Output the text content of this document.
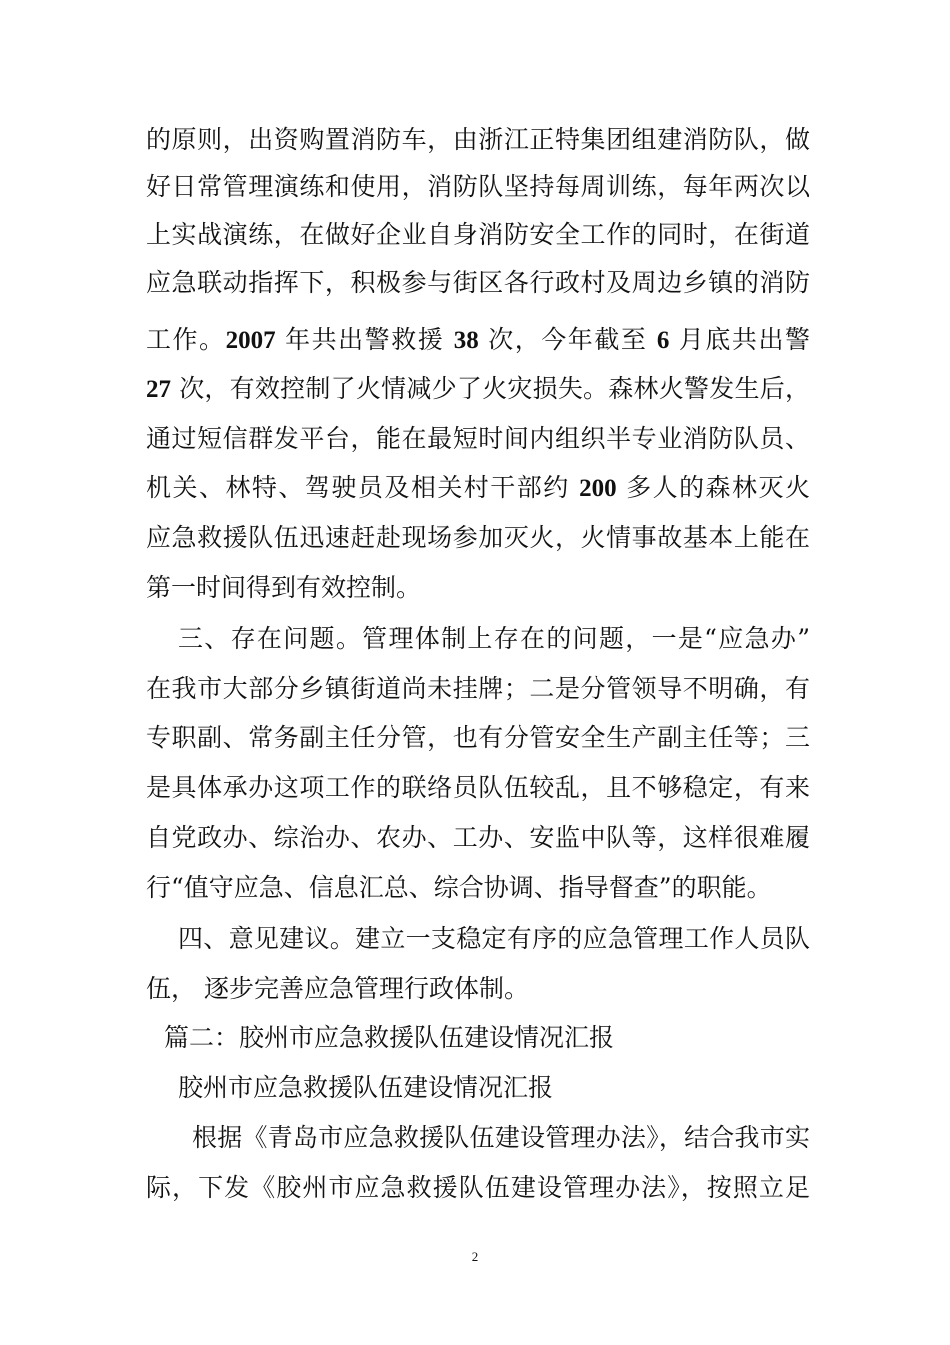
的原则，出资购置消防车，由浙江正特集团组建消防队，做
好日常管理演练和使用，消防队坚持每周训练，每年两次以
上实战演练，在做好企业自身消防安全工作的同时，在街道
应急联动指挥下，积极参与街区各行政村及周边乡镇的消防
工作。2007 年共出警救援 38 次，今年截至 6 月底共出警
27 次，有效控制了火情减少了火灾损失。森林火警发生后，
通过短信群发平台，能在最短时间内组织半专业消防队员、
机关、林特、驾驶员及相关村干部约 200 多人的森林灭火
应急救援队伍迅速赶赴现场参加灭火，火情事故基本上能在
第一时间得到有效控制。
三、存在问题。管理体制上存在的问题，一是“应急办”
在我市大部分乡镇街道尚未挂牌；二是分管领导不明确，有
专职副、常务副主任分管，也有分管安全生产副主任等；三
是具体承办这项工作的联络员队伍较乱，且不够稳定，有来
自党政办、综治办、农办、工办、安监中队等，这样很难履
行“值守应急、信息汇总、综合协调、指导督查”的职能。
四、意见建议。建立一支稳定有序的应急管理工作人员队
伍， 逐步完善应急管理行政体制。
篇二：胶州市应急救援队伍建设情况汇报
胶州市应急救援队伍建设情况汇报
根据《青岛市应急救援队伍建设管理办法》，结合我市实
际，下发《胶州市应急救援队伍建设管理办法》，按照立足
2
